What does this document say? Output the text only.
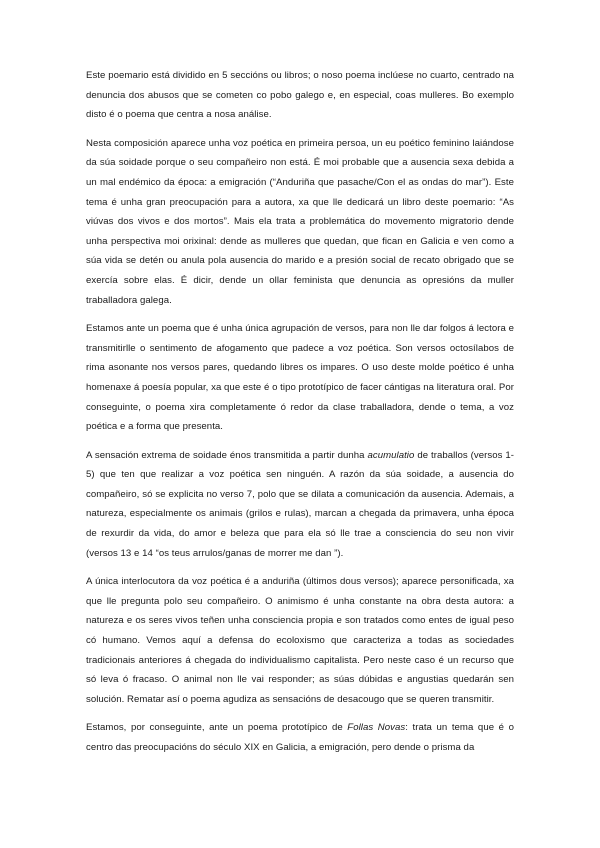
Este poemario está dividido en 5 seccións ou libros; o noso poema inclúese no cuarto, centrado na denuncia dos abusos que se cometen co pobo galego e, en especial, coas mulleres. Bo exemplo disto é o poema que centra a nosa análise.

Nesta composición aparece unha voz poética en primeira persoa, un eu poético feminino laiándose da súa soidade porque o seu compañeiro non está. É moi probable que a ausencia sexa debida a un mal endémico da época: a emigración (“Anduriña que pasache/Con el as ondas do mar”). Este tema é unha gran preocupación para a autora, xa que lle dedicará un libro deste poemario: “As viúvas dos vivos e dos mortos”. Mais ela trata a problemática do movemento migratorio dende unha perspectiva moi orixinal: dende as mulleres que quedan, que fican en Galicia e ven como a súa vida se detén ou anula pola ausencia do marido e a presión social de recato obrigado que se exercía sobre elas. É dicir, dende un ollar feminista que denuncia as opresións da muller traballadora galega.

Estamos ante un poema que é unha única agrupación de versos, para non lle dar folgos á lectora e transmitirlle o sentimento de afogamento que padece a voz poética. Son versos octosílabos de rima asonante nos versos pares, quedando libres os impares. O uso deste molde poético é unha homenaxe á poesía popular, xa que este é o tipo prototípico de facer cántigas na literatura oral. Por conseguinte, o poema xira completamente ó redor da clase traballadora, dende o tema, a voz poética e a forma que presenta.

A sensación extrema de soidade énos transmitida a partir dunha acumulatio de traballos (versos 1-5) que ten que realizar a voz poética sen ninguén. A razón da súa soidade, a ausencia do compañeiro, só se explicita no verso 7, polo que se dilata a comunicación da ausencia. Ademais, a natureza, especialmente os animais (grilos e rulas), marcan a chegada da primavera, unha época de rexurdir da vida, do amor e beleza que para ela só lle trae a consciencia do seu non vivir (versos 13 e 14 “os teus arrulos/ganas de morrer me dan ”).

A única interlocutora da voz poética é a anduriña (últimos dous versos); aparece personificada, xa que lle pregunta polo seu compañeiro. O animismo é unha constante na obra desta autora: a natureza e os seres vivos teñen unha consciencia propia e son tratados como entes de igual peso có humano. Vemos aquí a defensa do ecoloxismo que caracteriza a todas as sociedades tradicionais anteriores á chegada do individualismo capitalista. Pero neste caso é un recurso que só leva ó fracaso. O animal non lle vai responder; as súas dúbidas e angustias quedarán sen solución. Rematar así o poema agudiza as sensacións de desacougo que se queren transmitir.

Estamos, por conseguinte, ante un poema prototípico de Follas Novas: trata un tema que é o centro das preocupacións do século XIX en Galicia, a emigración, pero dende o prisma da
